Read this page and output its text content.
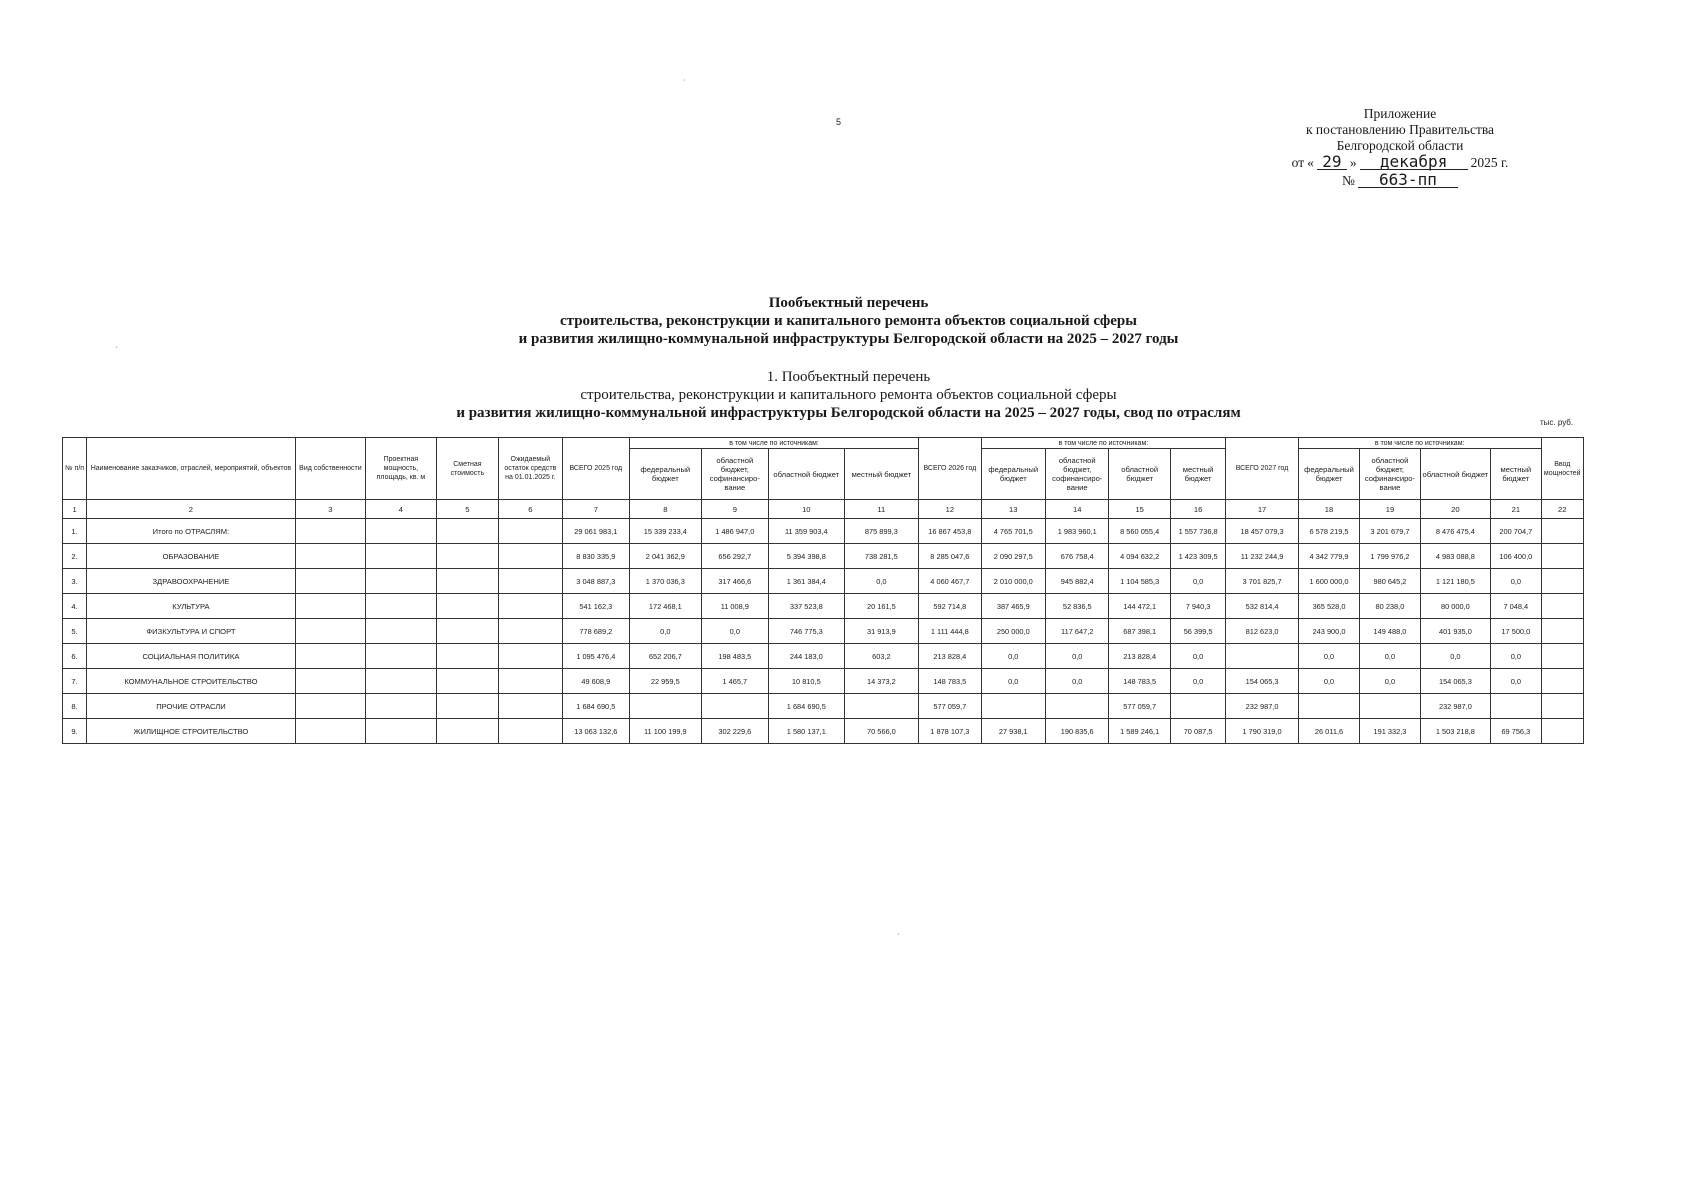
5
Приложение
к постановлению Правительства
Белгородской области
от « 29 »	декабря	2025 г.
№	663-пп
Пообъектный перечень
строительства, реконструкции и капитального ремонта объектов социальной сферы
и развития жилищно-коммунальной инфраструктуры Белгородской области на 2025 – 2027 годы
1. Пообъектный перечень
строительства, реконструкции и капитального ремонта объектов социальной сферы
и развития жилищно-коммунальной инфраструктуры Белгородской области на 2025 – 2027 годы, свод по отраслям
тыс. руб.
№ п/п	Наименование заказчиков, отраслей, мероприятий, объектов	Вид собственности	Проектная мощность, площадь, кв. м	Сметная стоимость	Ожидаемый остаток средств на 01.01.2025 г.	ВСЕГО 2025 год	в том числе по источникам:				ВСЕГО 2026 год	в том числе по источникам:				ВСЕГО 2027 год	в том числе по источникам:				Ввод мощностей
							федеральный бюджет	областной бюджет, софинансиро-вание	областной бюджет	местный бюджет		федеральный бюджет	областной бюджет, софинансиро-вание	областной бюджет	местный бюджет		федеральный бюджет	областной бюджет, софинансиро-вание	областной бюджет	местный бюджет	
1	2	3	4	5	6	7	8	9	10	11	12	13	14	15	16	17	18	19	20	21	22
1.	Итого по ОТРАСЛЯМ:					29 061 983,1	15 339 233,4	1 486 947,0	11 359 903,4	875 899,3	16 867 453,8	4 765 701,5	1 983 960,1	8 560 055,4	1 557 736,8	18 457 079,3	6 578 219,5	3 201 679,7	8 476 475,4	200 704,7	
2.	ОБРАЗОВАНИЕ					8 830 335,9	2 041 362,9	656 292,7	5 394 398,8	738 281,5	8 285 047,6	2 090 297,5	676 758,4	4 094 632,2	1 423 309,5	11 232 244,9	4 342 779,9	1 799 976,2	4 983 088,8	106 400,0	
3.	ЗДРАВООХРАНЕНИЕ					3 048 887,3	1 370 036,3	317 466,6	1 361 384,4	0,0	4 060 467,7	2 010 000,0	945 882,4	1 104 585,3	0,0	3 701 825,7	1 600 000,0	980 645,2	1 121 180,5	0,0	
4.	КУЛЬТУРА					541 162,3	172 468,1	11 008,9	337 523,8	20 161,5	592 714,8	387 465,9	52 836,5	144 472,1	7 940,3	532 814,4	365 528,0	80 238,0	80 000,0	7 048,4	
5.	ФИЗКУЛЬТУРА И СПОРТ					778 689,2	0,0	0,0	746 775,3	31 913,9	1 111 444,8	250 000,0	117 647,2	687 398,1	56 399,5	812 623,0	243 900,0	149 488,0	401 935,0	17 500,0	
6.	СОЦИАЛЬНАЯ ПОЛИТИКА					1 095 476,4	652 206,7	198 483,5	244 183,0	603,2	213 828,4	0,0	0,0	213 828,4	0,0		0,0	0,0	0,0	0,0	
7.	КОММУНАЛЬНОЕ СТРОИТЕЛЬСТВО					49 608,9	22 959,5	1 465,7	10 810,5	14 373,2	148 783,5	0,0	0,0	148 783,5	0,0	154 065,3	0,0	0,0	154 065,3	0,0	
8.	ПРОЧИЕ ОТРАСЛИ					1 684 690,5			1 684 690,5		577 059,7			577 059,7		232 987,0			232 987,0		
9.	ЖИЛИЩНОЕ СТРОИТЕЛЬСТВО					13 063 132,6	11 100 199,9	302 229,6	1 580 137,1	70 566,0	1 878 107,3	27 938,1	190 835,6	1 589 246,1	70 087,5	1 790 319,0	26 011,6	191 332,3	1 503 218,8	69 756,3	
·
·
·
